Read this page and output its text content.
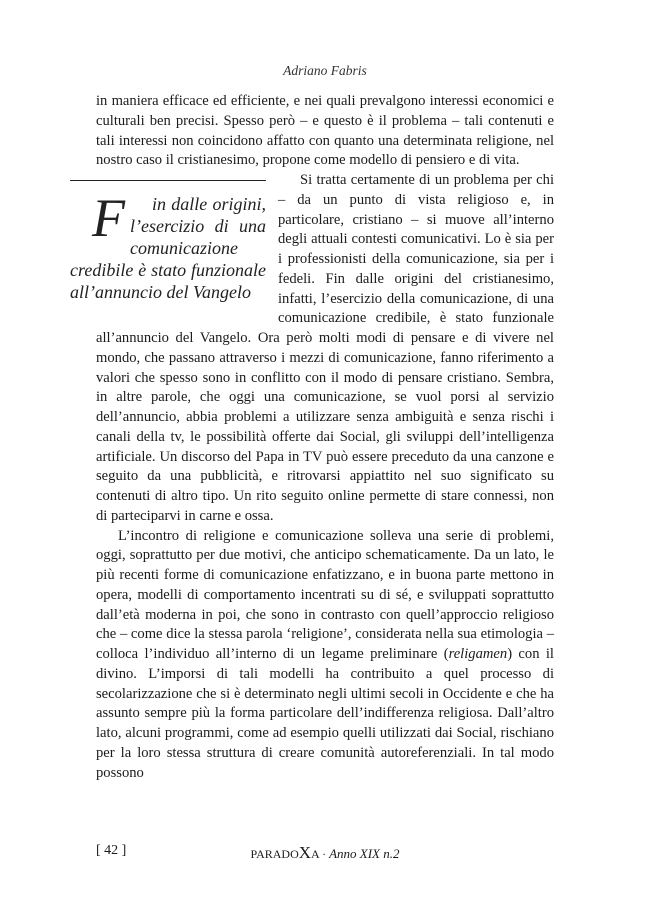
Adriano Fabris

in maniera efficace ed efficiente, e nei quali prevalgono interessi economici e culturali ben precisi. Spesso però – e questo è il problema – tali contenuti e tali interessi non coincidono affatto con quanto una determinata religione, nel nostro caso il cristianesimo, propone come modello di pensiero e di vita.

F in dalle origini, l’esercizio di una comunicazione credibile è stato funzionale all’annuncio del Vangelo
Si tratta certamente di un problema per chi – da un punto di vista religioso e, in particolare, cristiano – si muove all’interno degli attuali contesti comunicativi. Lo è sia per i professionisti della comunicazione, sia per i fedeli. Fin dalle origini del cristianesimo, infatti, l’esercizio della comunicazione, di una comunicazione credibile, è stato funzionale all’annuncio del Vangelo. Ora però molti modi di pensare e di vivere nel mondo, che passano attraverso i mezzi di comunicazione, fanno riferimento a valori che spesso sono in conflitto con il modo di pensare cristiano. Sembra, in altre parole, che oggi una comunicazione, se vuol porsi al servizio dell’annuncio, abbia problemi a utilizzare senza ambiguità e senza rischi i canali della tv, le possibilità offerte dai Social, gli sviluppi dell’intelligenza artificiale. Un discorso del Papa in TV può essere preceduto da una canzone e seguito da una pubblicità, e ritrovarsi appiattito nel suo significato su contenuti di altro tipo. Un rito seguito online permette di stare connessi, non di parteciparvi in carne e ossa.

L’incontro di religione e comunicazione solleva una serie di problemi, oggi, soprattutto per due motivi, che anticipo schematicamente. Da un lato, le più recenti forme di comunicazione enfatizzano, e in buona parte mettono in opera, modelli di comportamento incentrati su di sé, e sviluppati soprattutto dall’età moderna in poi, che sono in contrasto con quell’approccio religioso che – come dice la stessa parola ‘religione’, considerata nella sua etimologia – colloca l’individuo all’interno di un legame preliminare (religamen) con il divino. L’imporsi di tali modelli ha contribuito a quel processo di secolarizzazione che si è determinato negli ultimi secoli in Occidente e che ha assunto sempre più la forma particolare dell’indifferenza religiosa. Dall’altro lato, alcuni programmi, come ad esempio quelli utilizzati dai Social, rischiano per la loro stessa struttura di creare comunità autoreferenziali. In tal modo possono

[ 42 ]	PARADOXA · Anno XIX n.2
